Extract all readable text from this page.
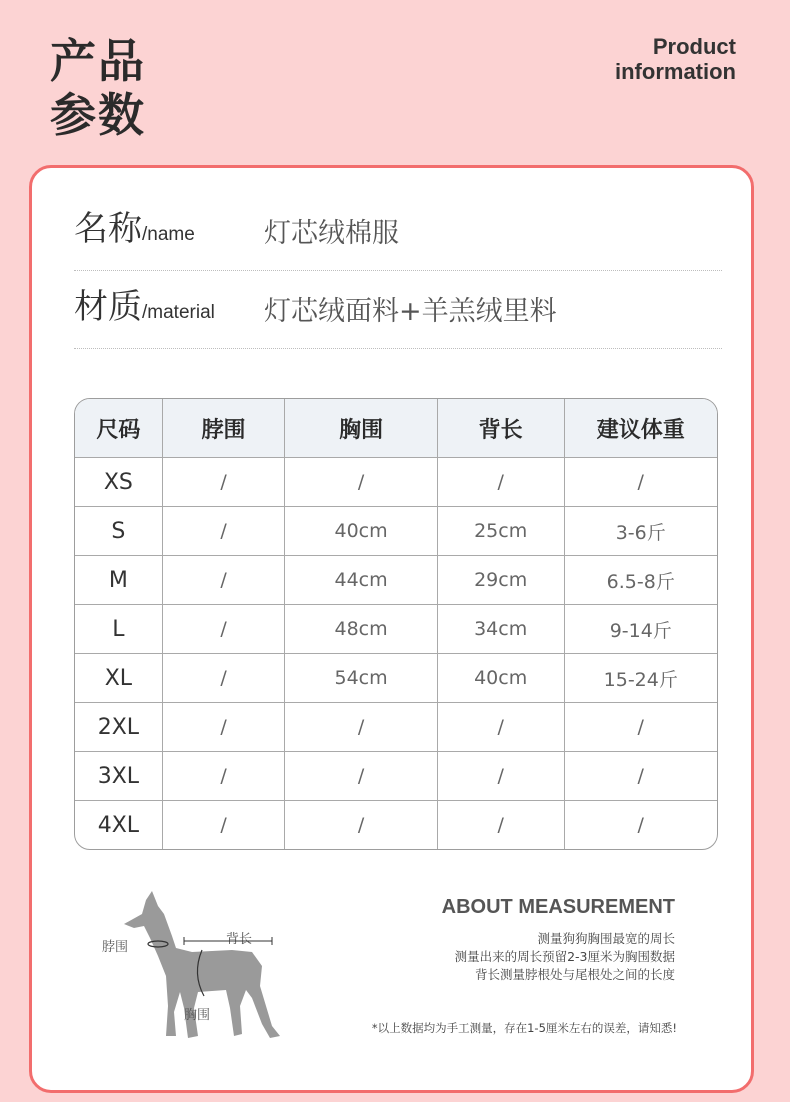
产品
参数
Product
information
名称/name	灯芯绒棉服
材质/material 灯芯绒面料+羊羔绒里料
尺码	脖围	胸围	背长	建议体重
XS	/	/	/	/
S	/	40cm	25cm	3-6斤
M	/	44cm	29cm	6.5-8斤
L	/	48cm	34cm	9-14斤
XL	/	54cm	40cm	15-24斤
2XL	/	/	/	/
3XL	/	/	/	/
4XL	/	/	/	/
脖围
背长
胸围
ABOUT MEASUREMENT
测量狗狗胸围最宽的周长
测量出来的周长预留2-3厘米为胸围数据
背长测量脖根处与尾根处之间的长度
*以上数据均为手工测量，存在1-5厘米左右的误差，请知悉!
